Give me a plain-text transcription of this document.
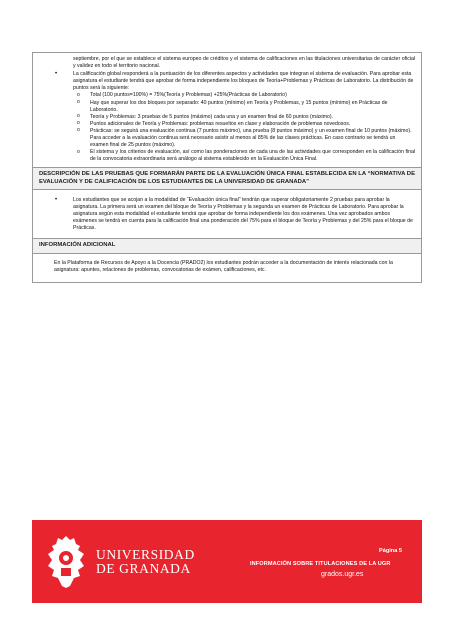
septiembre, por el que se establece el sistema europeo de créditos y el sistema de calificaciones en las titulaciones universitarias de carácter oficial y validez en todo el territorio nacional.

• La calificación global responderá a la puntuación de los diferentes aspectos y actividades que integran el sistema de evaluación. Para aprobar esta asignatura el estudiante tendrá que aprobar de forma independiente los bloques de Teoría+Problemas y Prácticas de Laboratorio. La distribución de puntos será la siguiente:
o Total (100 puntos=100%) = 75%(Teoría y Problemas) +25%(Prácticas de Laboratorio)
o Hay que superar los dos bloques por separado: 40 puntos (mínimo) en Teoría y Problemas, y 15 puntos (mínimo) en Prácticas de Laboratorio.
o Teoría y Problemas: 3 pruebas de 5 puntos (máximo) cada una y un examen final de 60 puntos (máximo).
o Puntos adicionales de Teoría y Problemas: problemas resueltos en clase y elaboración de problemas novedosos.
o Prácticas: se seguirá una evaluación continua (7 puntos máximo), una prueba (8 puntos máximo) y un examen final de 10 puntos (máximo). Para acceder a la evaluación continua será necesario asistir al menos al 85% de las clases prácticas. En caso contrario se tendrá un examen final de 25 puntos (máximo).
o El sistema y los criterios de evaluación, así como las ponderaciones de cada una de las actividades que corresponden en la calificación final de la convocatoria extraordinaria será análogo al sistema establecido en la Evaluación Única Final.
DESCRIPCIÓN DE LAS PRUEBAS QUE FORMARÁN PARTE DE LA EVALUACIÓN ÚNICA FINAL ESTABLECIDA EN LA “NORMATIVA DE EVALUACIÓN Y DE CALIFICACIÓN DE LOS ESTUDIANTES DE LA UNIVERSIDAD DE GRANADA”
• Los estudiantes que se acojan a la modalidad de “Evaluación única final” tendrán que superar obligatoriamente 2 pruebas para aprobar la asignatura. La primera será un examen del bloque de Teoría y Problemas y la segunda un examen de Prácticas de Laboratorio. Para aprobar la asignatura según esta modalidad el estudiante tendrá que aprobar de forma independiente los dos exámenes. Una vez aprobados ambos exámenes se tendrá en cuenta para la calificación final una ponderación del 75% para el bloque de Teoría y Problemas y del 25% para el bloque de Prácticas.
INFORMACIÓN ADICIONAL

En la Plataforma de Recursos de Apoyo a la Docencia (PRADO2) los estudiantes podrán acceder a la documentación de interés relacionada con la asignatura: apuntes, relaciones de problemas, convocatorias de exámen, calificaciones, etc.

UNIVERSIDAD
DE GRANADA
Página 5
INFORMACIÓN SOBRE TITULACIONES DE LA UGR
grados.ugr.es
